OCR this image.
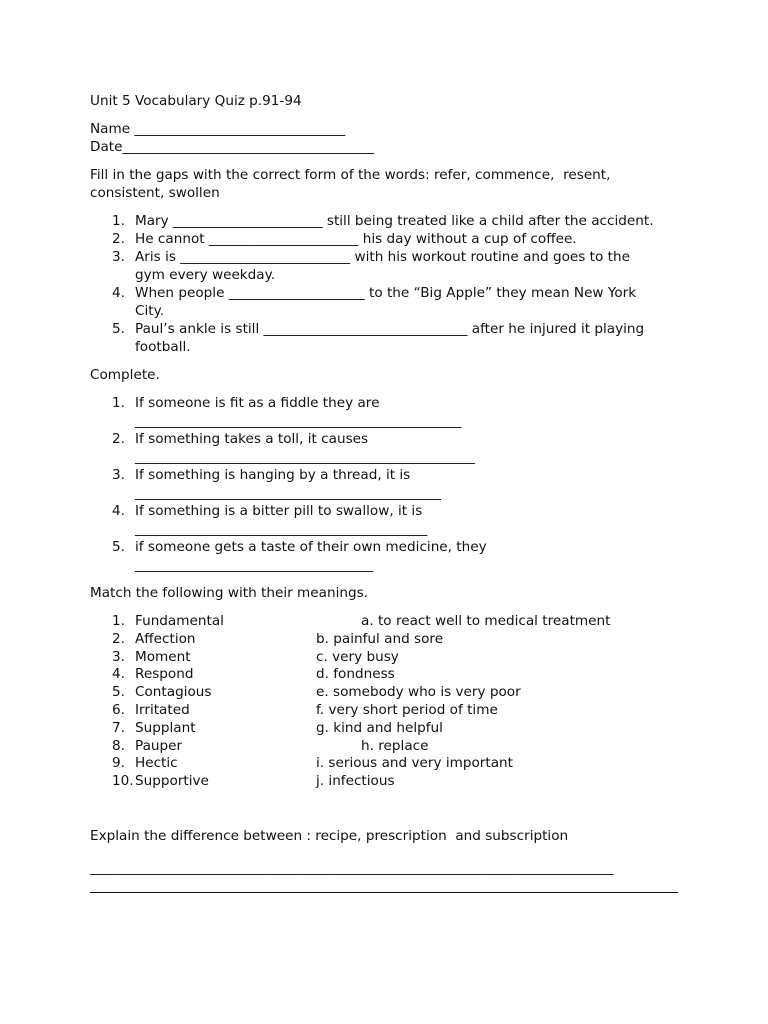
Unit 5 Vocabulary Quiz p.91-94
Name _______________________________
Date_____________________________________
Fill in the gaps with the correct form of the words: refer, commence,  resent,
consistent, swollen
1. Mary ______________________ still being treated like a child after the accident.
2. He cannot ______________________ his day without a cup of coffee.
3. Aris is _________________________ with his workout routine and goes to the
gym every weekday.
4. When people ____________________ to the “Big Apple” they mean New York
City.
5. Paul’s ankle is still ______________________________ after he injured it playing
football.
Complete.
1. If someone is fit as a fiddle they are
________________________________________________
2. If something takes a toll, it causes
__________________________________________________
3. If something is hanging by a thread, it is
_____________________________________________
4. If something is a bitter pill to swallow, it is
___________________________________________
5. if someone gets a taste of their own medicine, they
___________________________________
Match the following with their meanings.
1. Fundamental	a. to react well to medical treatment
2. Affection	b. painful and sore
3. Moment	c. very busy
4. Respond	d. fondness
5. Contagious	e. somebody who is very poor
6. Irritated	f. very short period of time
7. Supplant	g. kind and helpful
8. Pauper	h. replace
9. Hectic	i. serious and very important
10. Supportive	j. infectious
Explain the difference between : recipe, prescription  and subscription
_____________________________________________________________________________
_______
